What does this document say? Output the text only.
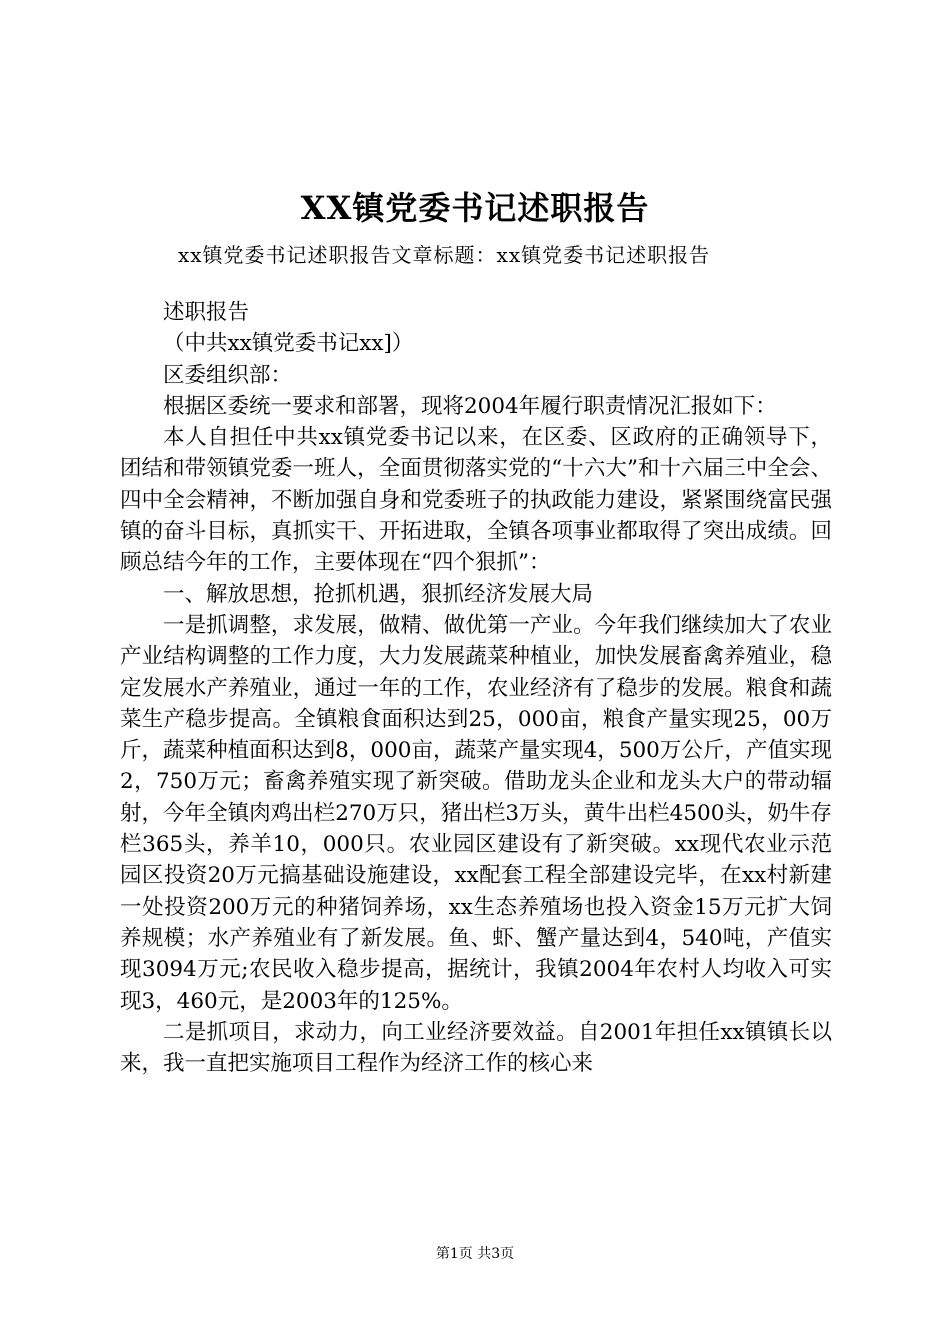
XX镇党委书记述职报告
xx镇党委书记述职报告文章标题：xx镇党委书记述职报告

述职报告

（中共xx镇党委书记xx]）

区委组织部：

根据区委统一要求和部署，现将2004年履行职责情况汇报如下：

本人自担任中共xx镇党委书记以来，在区委、区政府的正确领导下，团结和带领镇党委一班人，全面贯彻落实党的“十六大”和十六届三中全会、四中全会精神，不断加强自身和党委班子的执政能力建设，紧紧围绕富民强镇的奋斗目标，真抓实干、开拓进取，全镇各项事业都取得了突出成绩。回顾总结今年的工作，主要体现在“四个狠抓”：

一、解放思想，抢抓机遇，狠抓经济发展大局

一是抓调整，求发展，做精、做优第一产业。今年我们继续加大了农业产业结构调整的工作力度，大力发展蔬菜种植业，加快发展畜禽养殖业，稳定发展水产养殖业，通过一年的工作，农业经济有了稳步的发展。粮食和蔬菜生产稳步提高。全镇粮食面积达到25，000亩，粮食产量实现25，00万斤，蔬菜种植面积达到8，000亩，蔬菜产量实现4，500万公斤，产值实现2，750万元；畜禽养殖实现了新突破。借助龙头企业和龙头大户的带动辐射，今年全镇肉鸡出栏270万只，猪出栏3万头，黄牛出栏4500头，奶牛存栏365头，养羊10，000只。农业园区建设有了新突破。xx现代农业示范园区投资20万元搞基础设施建设，xx配套工程全部建设完毕，在xx村新建一处投资200万元的种猪饲养场，xx生态养殖场也投入资金15万元扩大饲养规模；水产养殖业有了新发展。鱼、虾、蟹产量达到4，540吨，产值实现3094万元;农民收入稳步提高，据统计，我镇2004年农村人均收入可实现3，460元，是2003年的125%。

二是抓项目，求动力，向工业经济要效益。自2001年担任xx镇镇长以来，我一直把实施项目工程作为经济工作的核心来

第1页 共3页
